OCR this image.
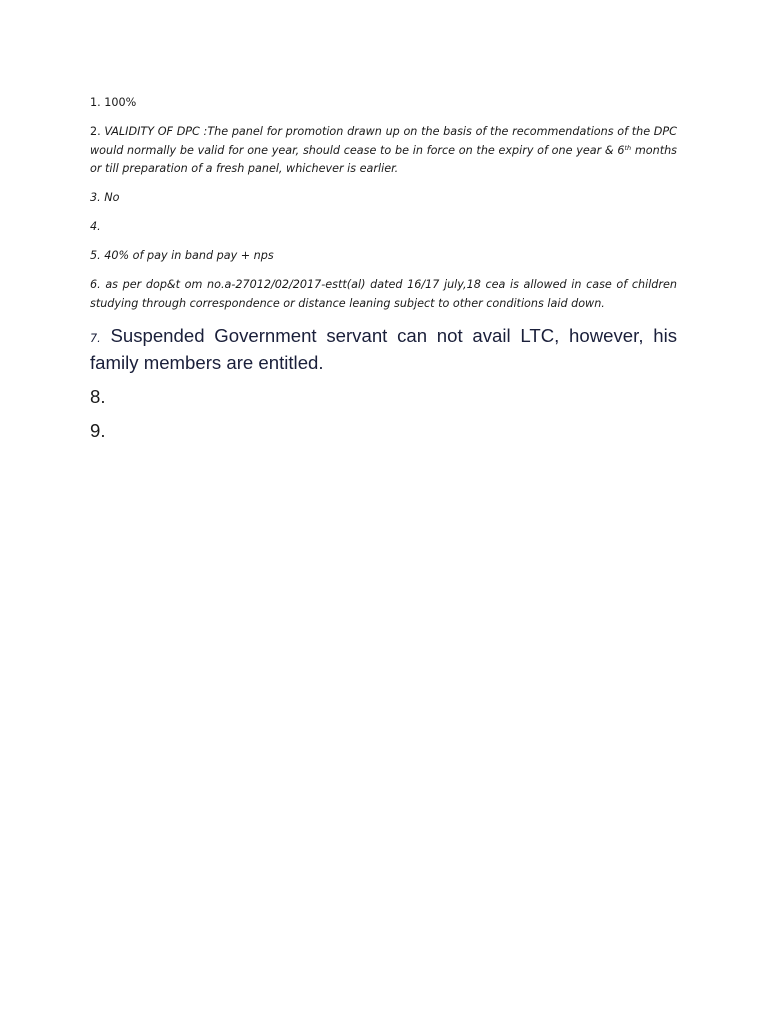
1. 100%

2. VALIDITY OF DPC :The panel for promotion drawn up on the basis of the recommendations of the DPC would normally be valid for one year, should cease to be in force on the expiry of one year & 6th months or till preparation of a fresh panel, whichever is earlier.

3. No

4.

5. 40% of pay in band pay + nps

6. as per dop&t om no.a-27012/02/2017-estt(al) dated 16/17 july,18 cea is allowed in case of children studying through correspondence or distance leaning subject to other conditions laid down.

7. Suspended Government servant can not avail LTC, however, his family members are entitled.

8.

9.
